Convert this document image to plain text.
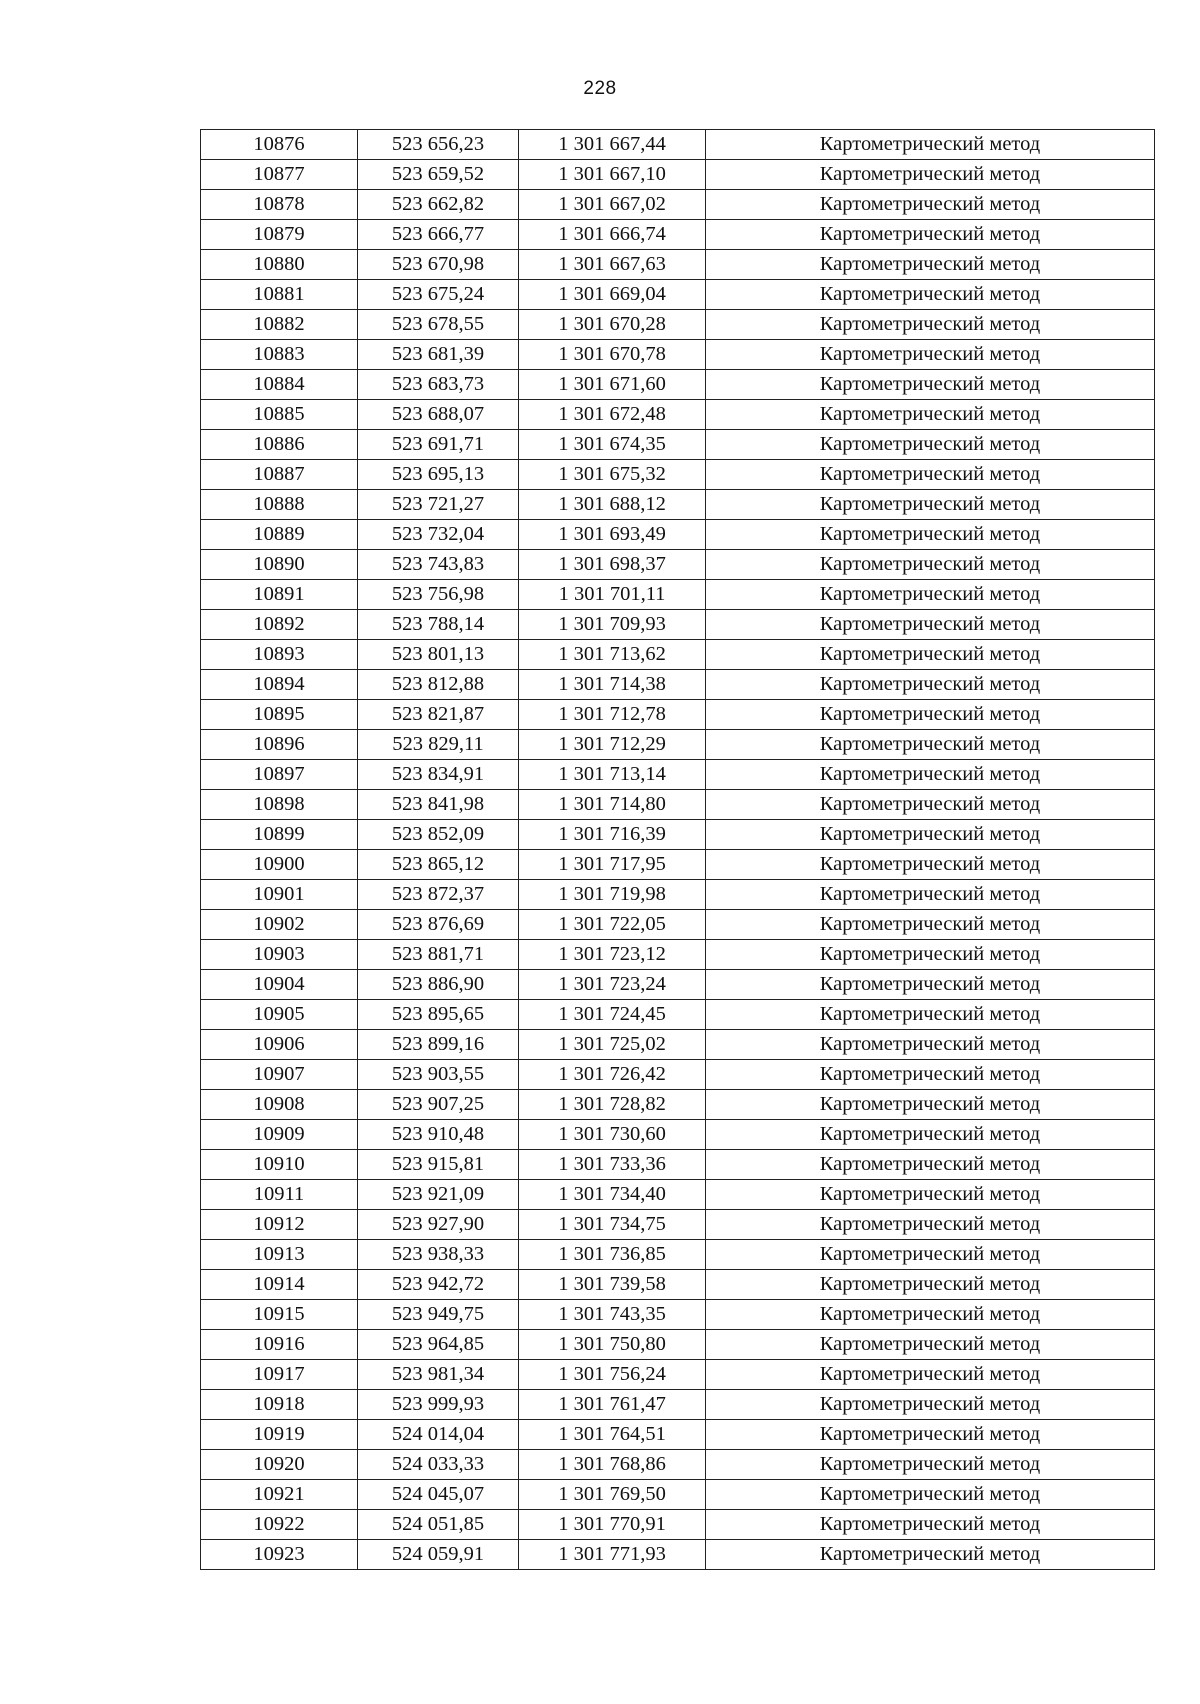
228
10876	523 656,23	1 301 667,44	Картометрический метод
10877	523 659,52	1 301 667,10	Картометрический метод
10878	523 662,82	1 301 667,02	Картометрический метод
10879	523 666,77	1 301 666,74	Картометрический метод
10880	523 670,98	1 301 667,63	Картометрический метод
10881	523 675,24	1 301 669,04	Картометрический метод
10882	523 678,55	1 301 670,28	Картометрический метод
10883	523 681,39	1 301 670,78	Картометрический метод
10884	523 683,73	1 301 671,60	Картометрический метод
10885	523 688,07	1 301 672,48	Картометрический метод
10886	523 691,71	1 301 674,35	Картометрический метод
10887	523 695,13	1 301 675,32	Картометрический метод
10888	523 721,27	1 301 688,12	Картометрический метод
10889	523 732,04	1 301 693,49	Картометрический метод
10890	523 743,83	1 301 698,37	Картометрический метод
10891	523 756,98	1 301 701,11	Картометрический метод
10892	523 788,14	1 301 709,93	Картометрический метод
10893	523 801,13	1 301 713,62	Картометрический метод
10894	523 812,88	1 301 714,38	Картометрический метод
10895	523 821,87	1 301 712,78	Картометрический метод
10896	523 829,11	1 301 712,29	Картометрический метод
10897	523 834,91	1 301 713,14	Картометрический метод
10898	523 841,98	1 301 714,80	Картометрический метод
10899	523 852,09	1 301 716,39	Картометрический метод
10900	523 865,12	1 301 717,95	Картометрический метод
10901	523 872,37	1 301 719,98	Картометрический метод
10902	523 876,69	1 301 722,05	Картометрический метод
10903	523 881,71	1 301 723,12	Картометрический метод
10904	523 886,90	1 301 723,24	Картометрический метод
10905	523 895,65	1 301 724,45	Картометрический метод
10906	523 899,16	1 301 725,02	Картометрический метод
10907	523 903,55	1 301 726,42	Картометрический метод
10908	523 907,25	1 301 728,82	Картометрический метод
10909	523 910,48	1 301 730,60	Картометрический метод
10910	523 915,81	1 301 733,36	Картометрический метод
10911	523 921,09	1 301 734,40	Картометрический метод
10912	523 927,90	1 301 734,75	Картометрический метод
10913	523 938,33	1 301 736,85	Картометрический метод
10914	523 942,72	1 301 739,58	Картометрический метод
10915	523 949,75	1 301 743,35	Картометрический метод
10916	523 964,85	1 301 750,80	Картометрический метод
10917	523 981,34	1 301 756,24	Картометрический метод
10918	523 999,93	1 301 761,47	Картометрический метод
10919	524 014,04	1 301 764,51	Картометрический метод
10920	524 033,33	1 301 768,86	Картометрический метод
10921	524 045,07	1 301 769,50	Картометрический метод
10922	524 051,85	1 301 770,91	Картометрический метод
10923	524 059,91	1 301 771,93	Картометрический метод
